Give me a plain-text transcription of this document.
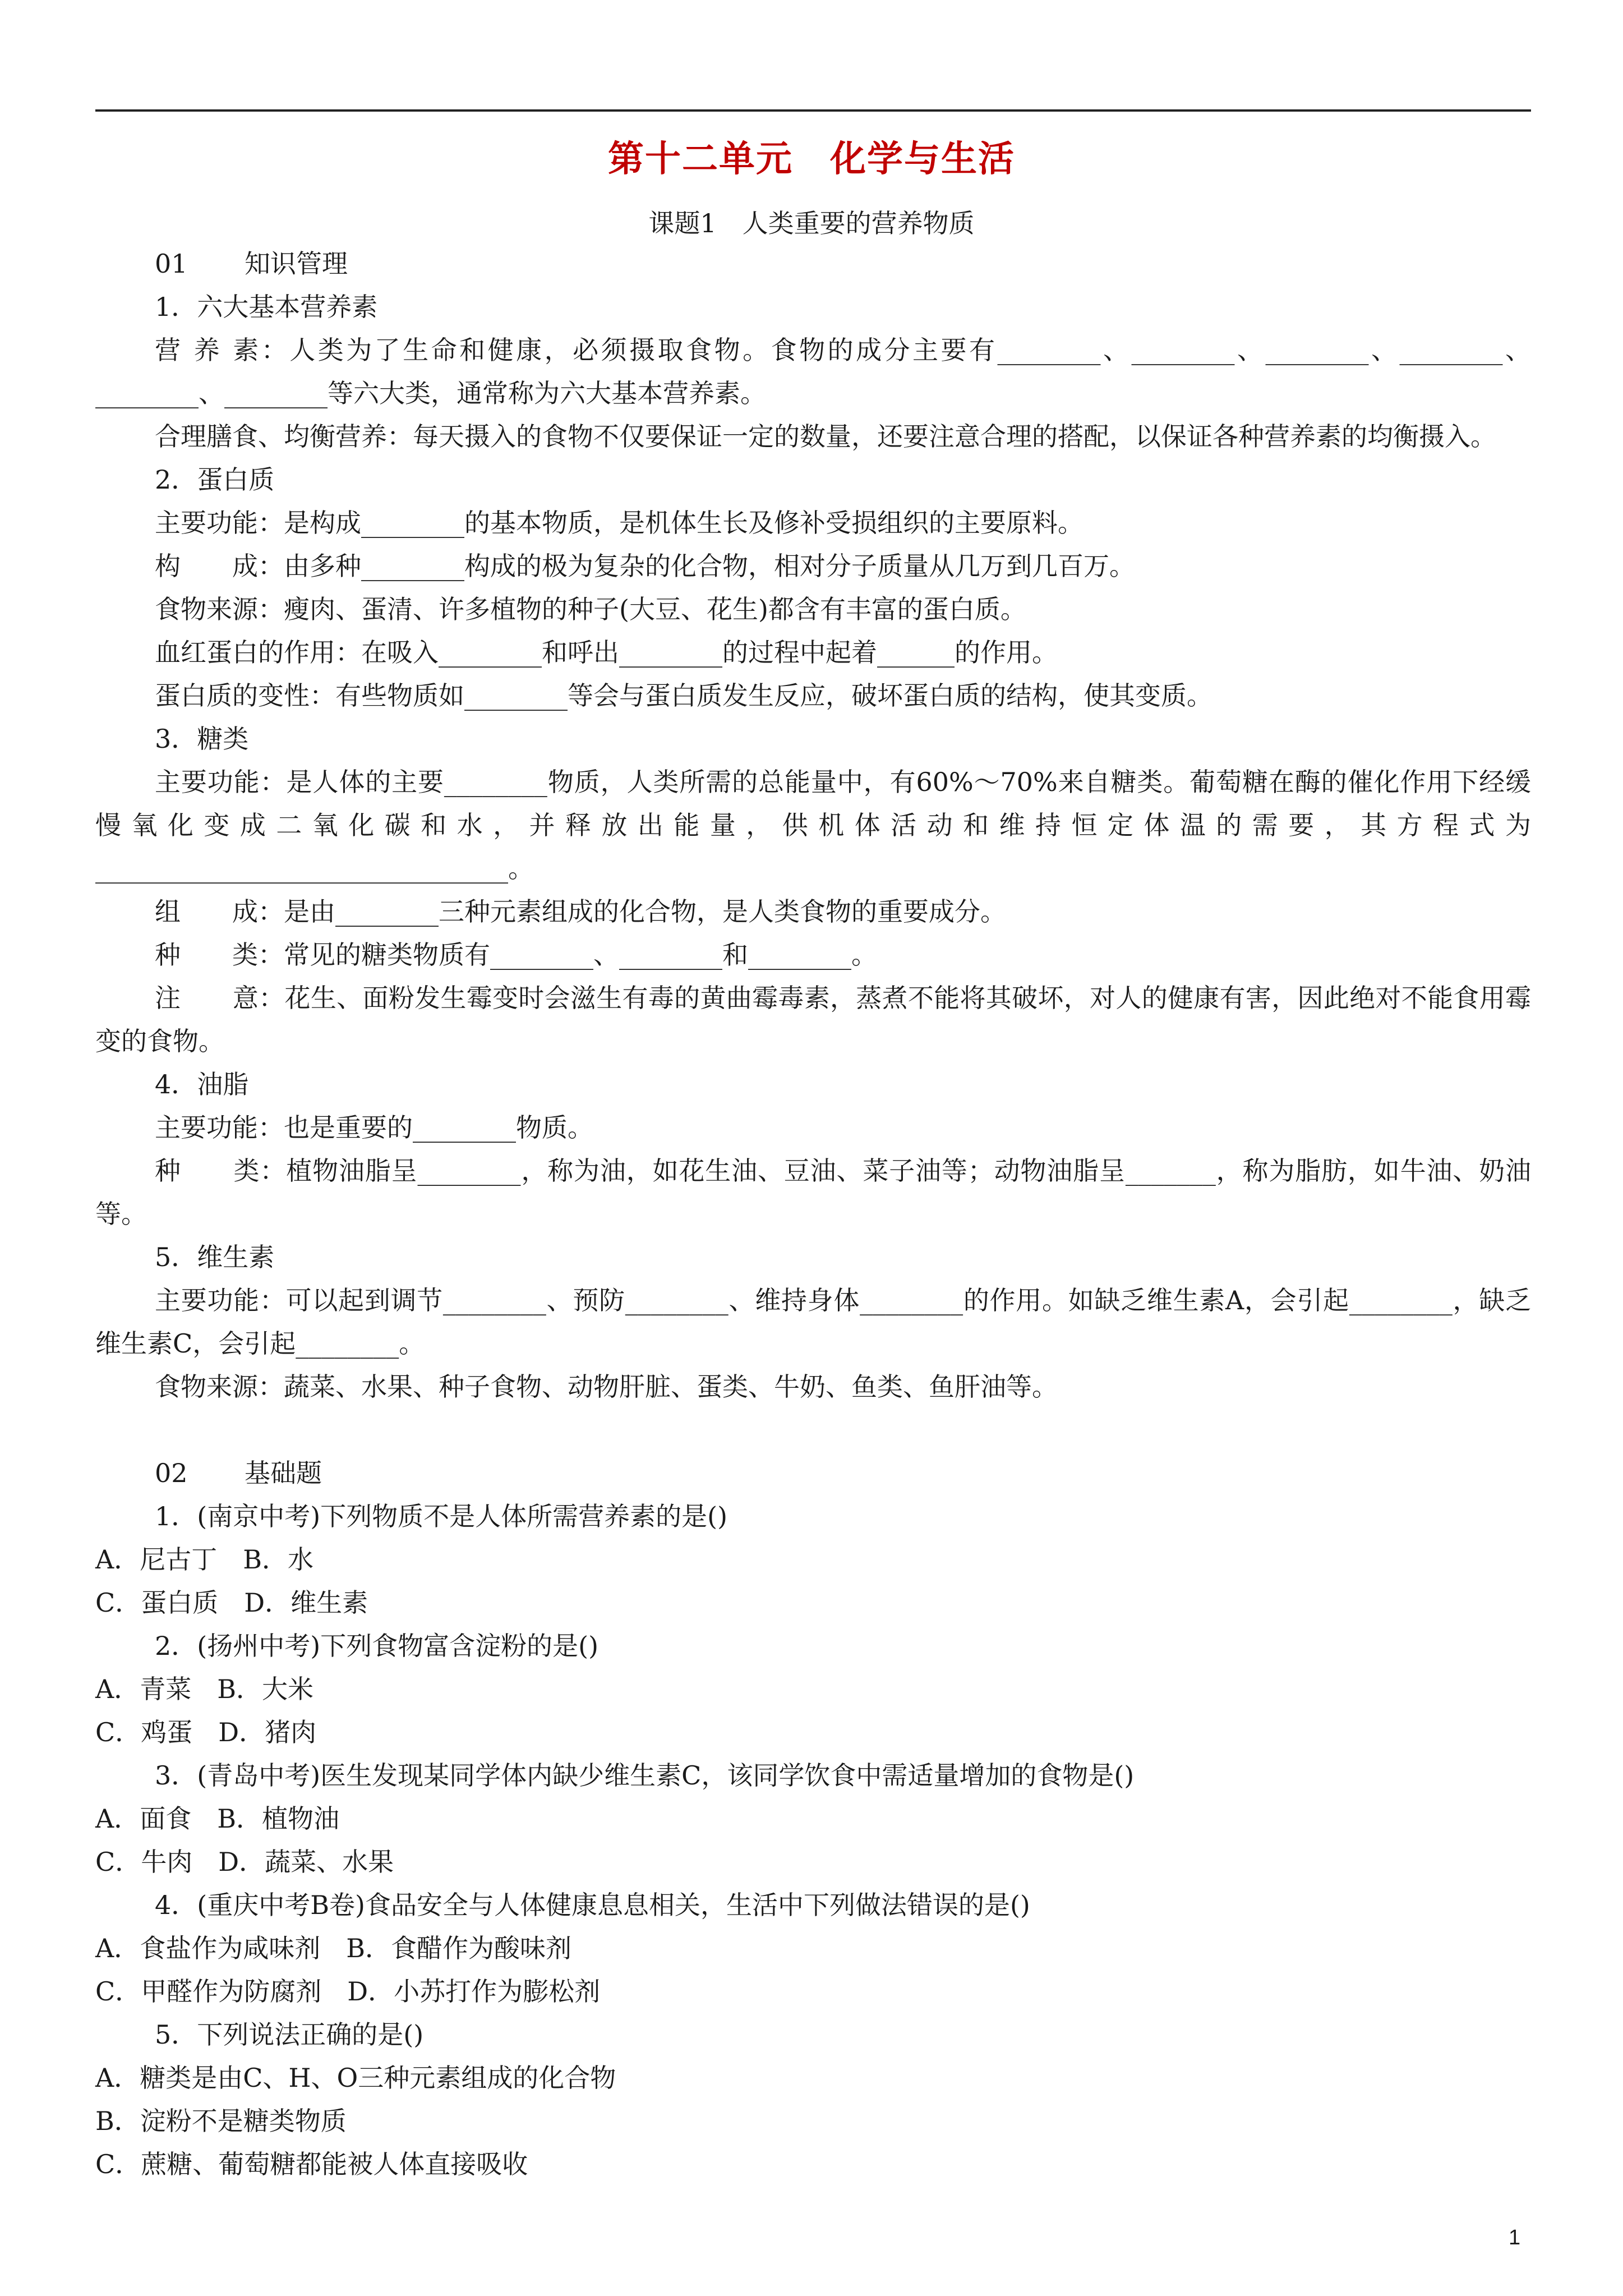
第十二单元　化学与生活
课题1　人类重要的营养物质

01 知识管理

1．六大基本营养素

营 养 素：人类为了生命和健康，必须摄取食物。食物的成分主要有________、________、________、________、________、________等六大类，通常称为六大基本营养素。

合理膳食、均衡营养：每天摄入的食物不仅要保证一定的数量，还要注意合理的搭配，以保证各种营养素的均衡摄入。

2．蛋白质

主要功能：是构成________的基本物质，是机体生长及修补受损组织的主要原料。

构　　成：由多种________构成的极为复杂的化合物，相对分子质量从几万到几百万。

食物来源：瘦肉、蛋清、许多植物的种子(大豆、花生)都含有丰富的蛋白质。

血红蛋白的作用：在吸入________和呼出________的过程中起着______的作用。

蛋白质的变性：有些物质如________等会与蛋白质发生反应，破坏蛋白质的结构，使其变质。

3．糖类

主要功能：是人体的主要________物质，人类所需的总能量中，有60%～70%来自糖类。葡萄糖在酶的催化作用下经缓慢氧化变成二氧化碳和水，并释放出能量，供机体活动和维持恒定体温的需要，其方程式为________________________________。

组　　成：是由________三种元素组成的化合物，是人类食物的重要成分。

种　　类：常见的糖类物质有________、________和________。

注　　意：花生、面粉发生霉变时会滋生有毒的黄曲霉毒素，蒸煮不能将其破坏，对人的健康有害，因此绝对不能食用霉变的食物。

4．油脂

主要功能：也是重要的________物质。

种　　类：植物油脂呈________，称为油，如花生油、豆油、菜子油等；动物油脂呈_______，称为脂肪，如牛油、奶油等。

5．维生素

主要功能：可以起到调节________、预防________、维持身体________的作用。如缺乏维生素A，会引起________，缺乏维生素C，会引起________。

食物来源：蔬菜、水果、种子食物、动物肝脏、蛋类、牛奶、鱼类、鱼肝油等。

02 基础题

1．(南京中考)下列物质不是人体所需营养素的是()

A．尼古丁　B．水

C．蛋白质　D．维生素

2．(扬州中考)下列食物富含淀粉的是()

A．青菜　B．大米

C．鸡蛋　D．猪肉

3．(青岛中考)医生发现某同学体内缺少维生素C，该同学饮食中需适量增加的食物是()

A．面食　B．植物油

C．牛肉　D．蔬菜、水果

4．(重庆中考B卷)食品安全与人体健康息息相关，生活中下列做法错误的是()

A．食盐作为咸味剂　B．食醋作为酸味剂

C．甲醛作为防腐剂　D．小苏打作为膨松剂

5．下列说法正确的是()

A．糖类是由C、H、O三种元素组成的化合物

B．淀粉不是糖类物质

C．蔗糖、葡萄糖都能被人体直接吸收

1
